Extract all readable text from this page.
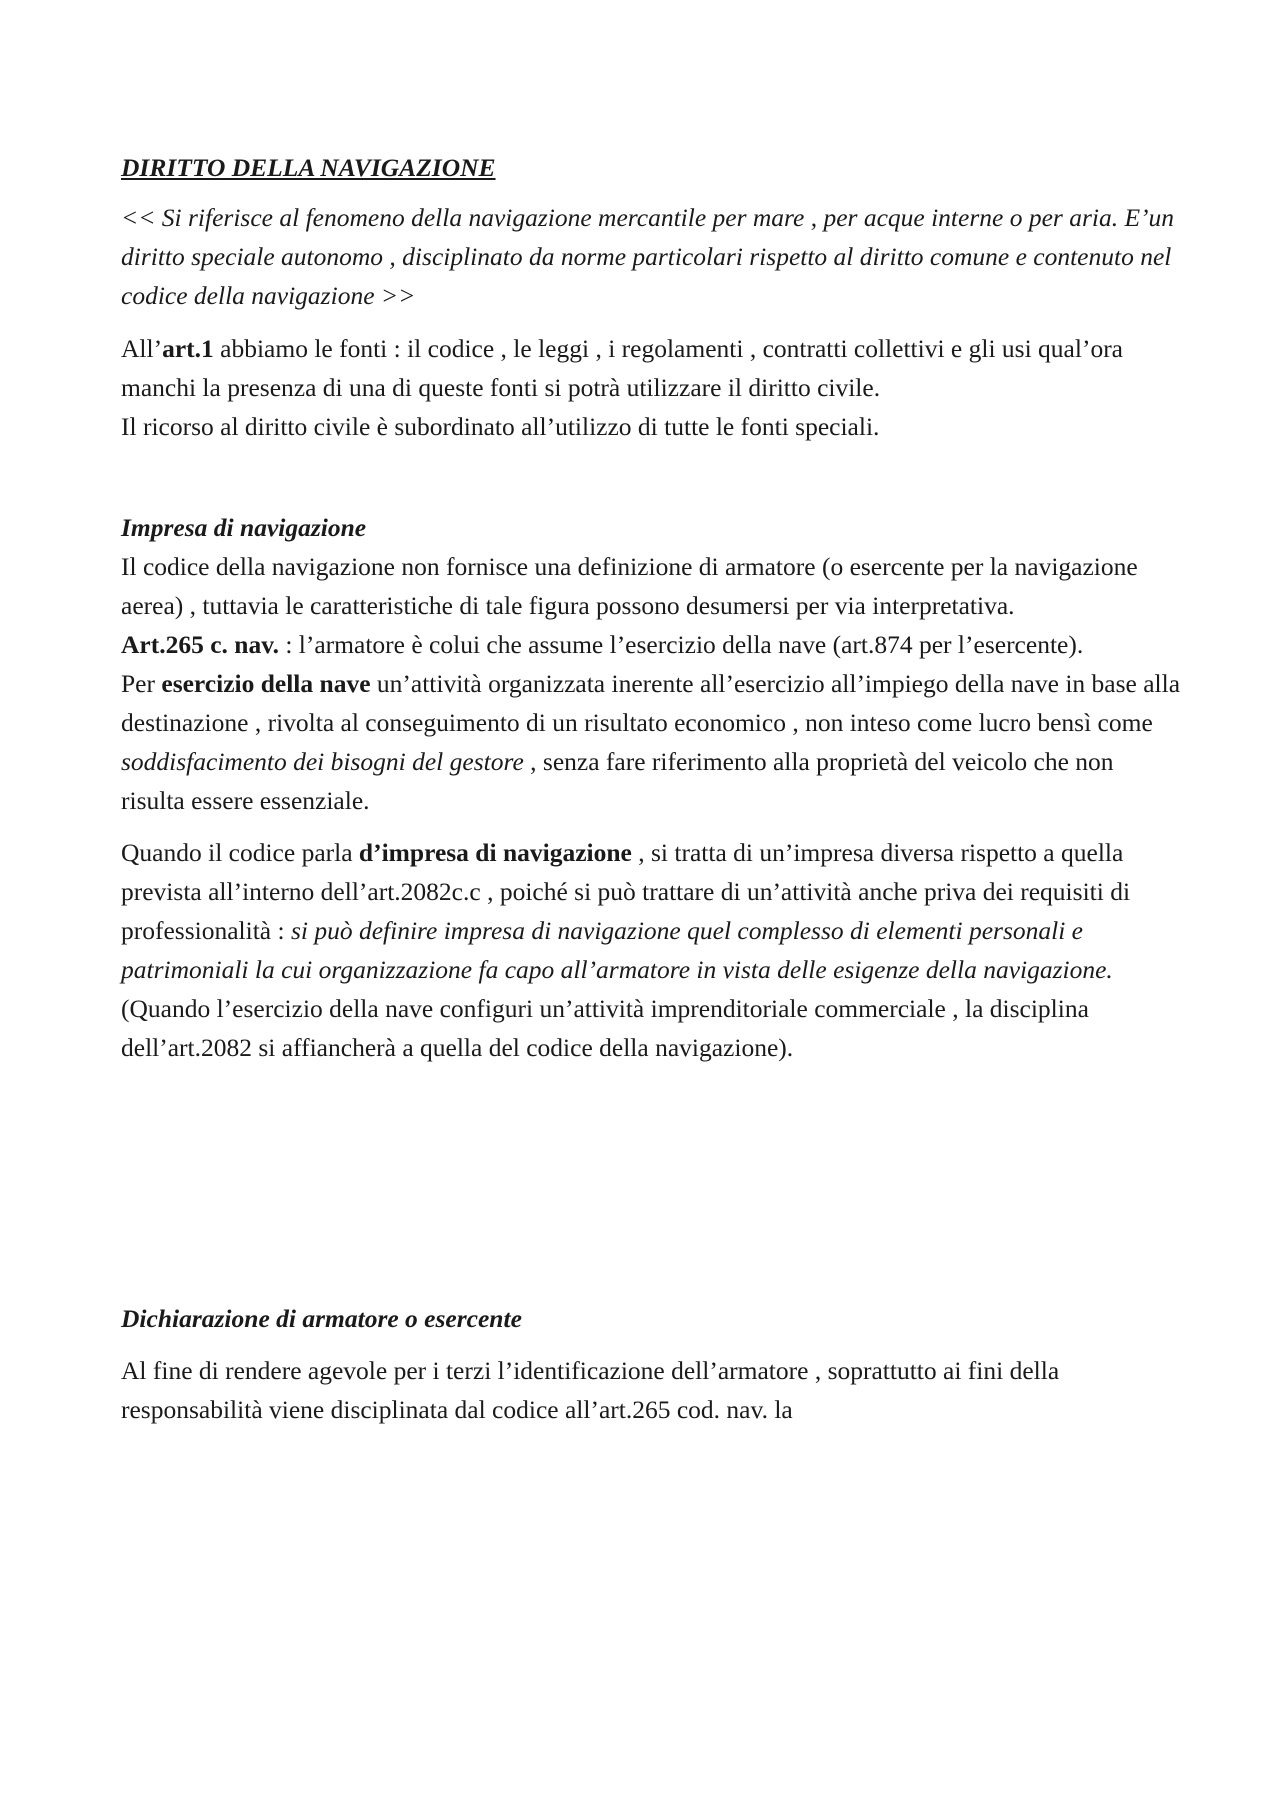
DIRITTO DELLA NAVIGAZIONE

<< Si riferisce al fenomeno della navigazione mercantile per mare , per acque interne o per aria. E’un diritto speciale autonomo , disciplinato da norme particolari rispetto al diritto comune e contenuto nel codice della navigazione >>

All’art.1 abbiamo le fonti : il codice , le leggi , i regolamenti , contratti collettivi e gli usi qual’ora manchi la presenza di una di queste fonti si potrà utilizzare il diritto civile.

Il ricorso al diritto civile è subordinato all’utilizzo di tutte le fonti speciali.

Impresa di navigazione

Il codice della navigazione non fornisce una definizione di armatore (o esercente per la navigazione aerea) , tuttavia le caratteristiche di tale figura possono desumersi per via interpretativa.

Art.265 c. nav. : l’armatore è colui che assume l’esercizio della nave (art.874 per l’esercente).

Per esercizio della nave un’attività organizzata inerente all’esercizio all’impiego della nave in base alla destinazione , rivolta al conseguimento di un risultato economico , non inteso come lucro bensì come soddisfacimento dei bisogni del gestore , senza fare riferimento alla proprietà del veicolo che non risulta essere essenziale.

Quando il codice parla d’impresa di navigazione , si tratta di un’impresa diversa rispetto a quella prevista all’interno dell’art.2082c.c , poiché si può trattare di un’attività anche priva dei requisiti di professionalità : si può definire impresa di navigazione quel complesso di elementi personali e patrimoniali la cui organizzazione fa capo all’armatore in vista delle esigenze della navigazione.

(Quando l’esercizio della nave configuri un’attività imprenditoriale commerciale , la disciplina dell’art.2082 si affiancherà a quella del codice della navigazione).

Dichiarazione di armatore o esercente

Al fine di rendere agevole per i terzi l’identificazione dell’armatore , soprattutto ai fini della responsabilità viene disciplinata dal codice all’art.265 cod. nav. la
